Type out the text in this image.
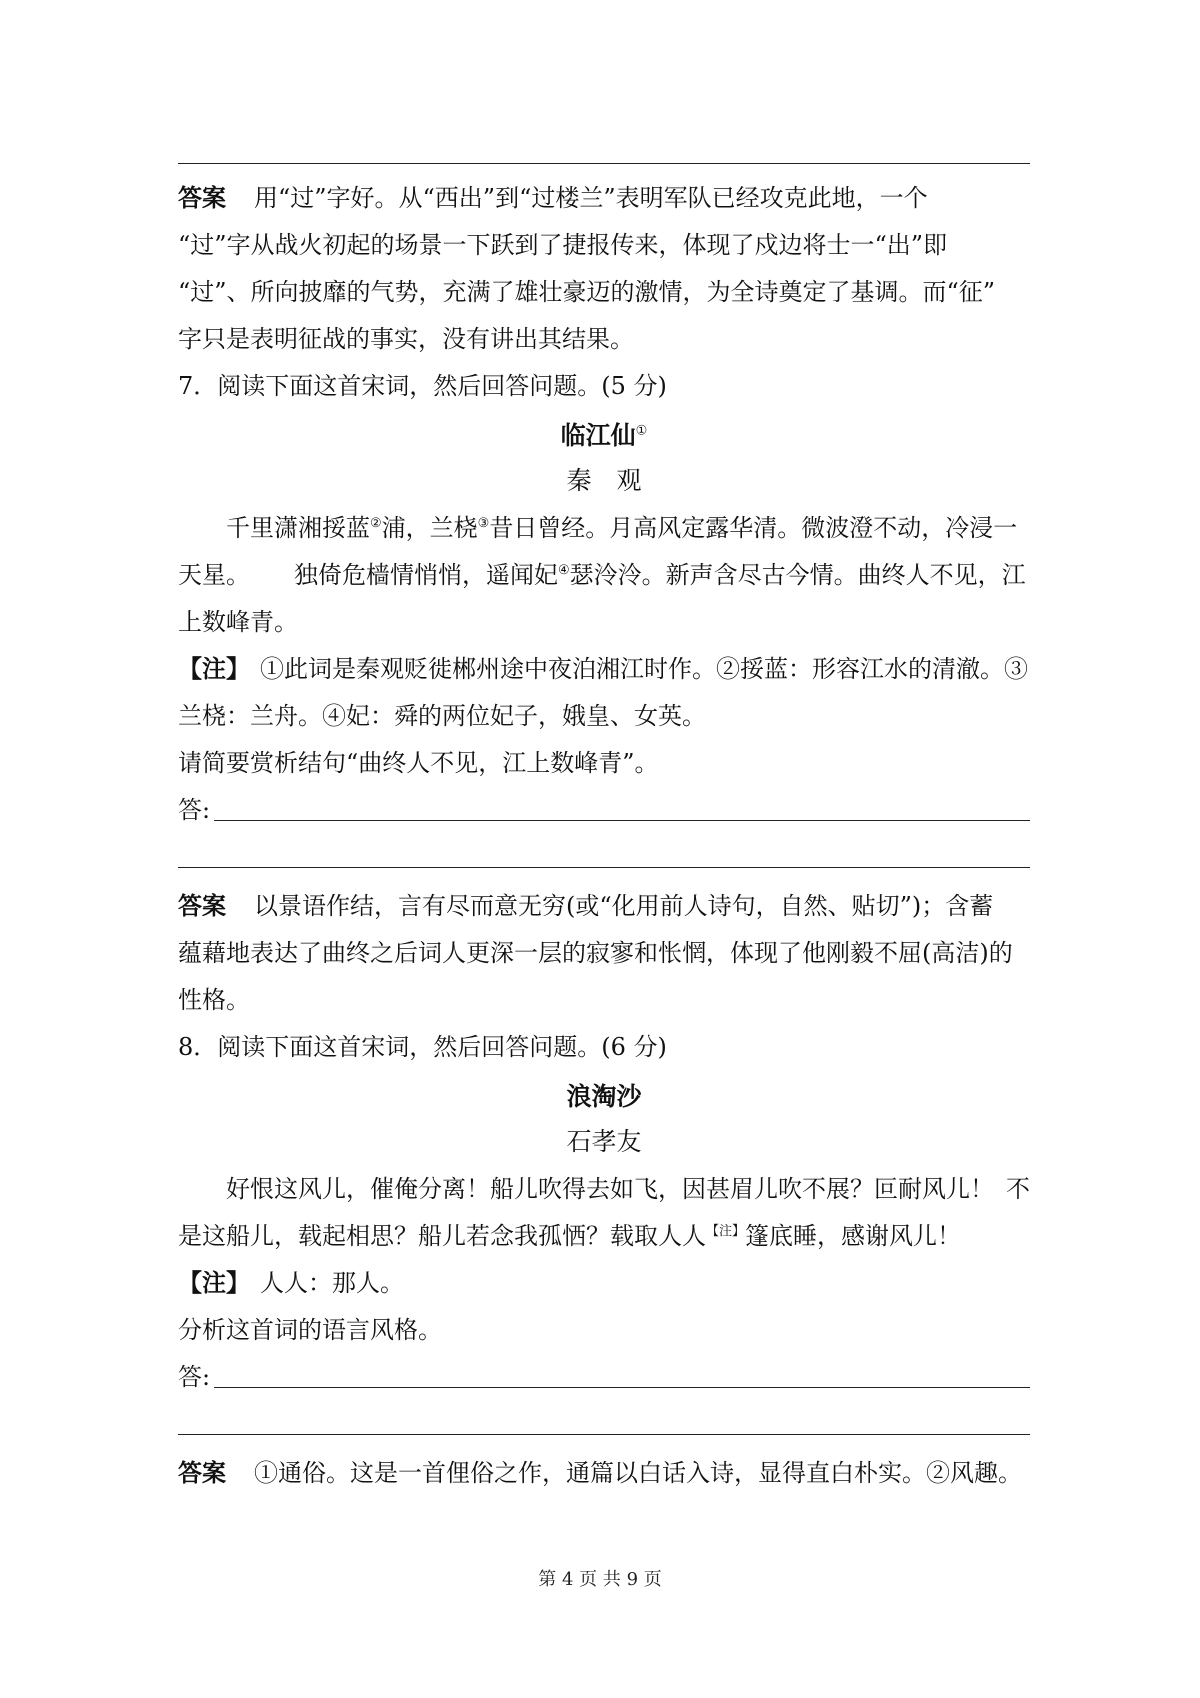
答案 用“过”字好。从“西出”到“过楼兰”表明军队已经攻克此地，一个
“过”字从战火初起的场景一下跃到了捷报传来，体现了戍边将士一“出”即
“过”、所向披靡的气势，充满了雄壮豪迈的激情，为全诗奠定了基调。而“征”
字只是表明征战的事实，没有讲出其结果。
7．阅读下面这首宋词，然后回答问题。(5 分)
临江仙①
秦　观
千里潇湘挼蓝②浦，兰桡③昔日曾经。月高风定露华清。微波澄不动，冷浸一
天星。 独倚危樯情悄悄，遥闻妃④瑟泠泠。新声含尽古今情。曲终人不见，江
上数峰青。
【注】 ①此词是秦观贬徙郴州途中夜泊湘江时作。②挼蓝：形容江水的清澈。③
兰桡：兰舟。④妃：舜的两位妃子，娥皇、女英。
请简要赏析结句“曲终人不见，江上数峰青”。
答:
答案 以景语作结，言有尽而意无穷(或“化用前人诗句，自然、贴切”)；含蓄
蕴藉地表达了曲终之后词人更深一层的寂寥和怅惘，体现了他刚毅不屈(高洁)的
性格。
8．阅读下面这首宋词，然后回答问题。(6 分)
浪淘沙
石孝友
好恨这风儿，催俺分离！船儿吹得去如飞，因甚眉儿吹不展？叵耐风儿！ 不
是这船儿，载起相思？船儿若念我孤恓？载取人人$^{【注】}$篷底睡，感谢风儿！
【注】 人人：那人。
分析这首词的语言风格。
答:
答案 ①通俗。这是一首俚俗之作，通篇以白话入诗，显得直白朴实。②风趣。
第 4 页 共 9 页
